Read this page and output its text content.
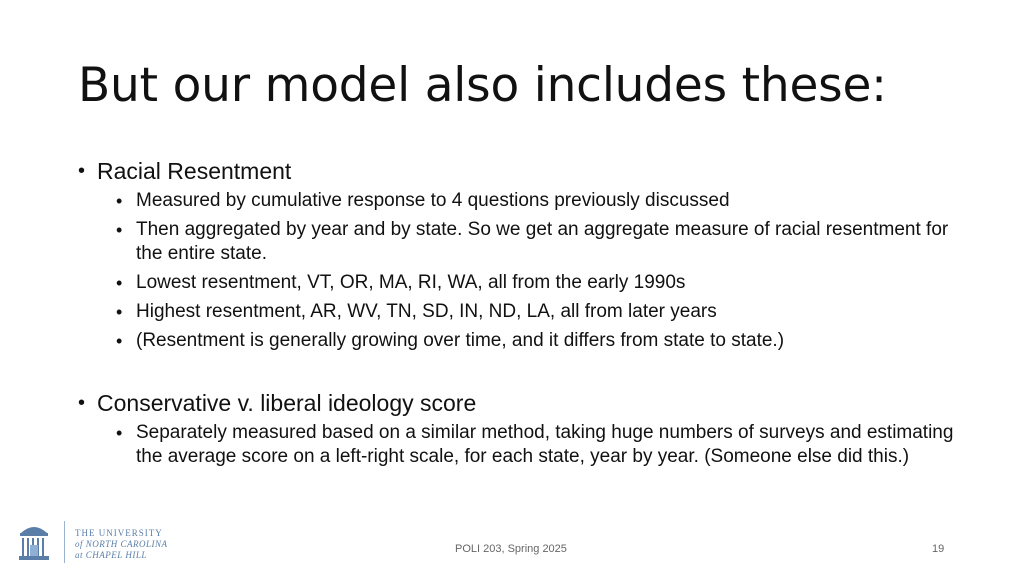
But our model also includes these:

• Racial Resentment

• Measured by cumulative response to 4 questions previously discussed
• Then aggregated by year and by state. So we get an aggregate measure of racial resentment for the entire state.
• Lowest resentment, VT, OR, MA, RI, WA, all from the early 1990s
• Highest resentment, AR, WV, TN, SD, IN, ND, LA, all from later years
• (Resentment is generally growing over time, and it differs from state to state.)

• Conservative v. liberal ideology score

• Separately measured based on a similar method, taking huge numbers of surveys and estimating the average score on a left-right scale, for each state, year by year. (Someone else did this.)
THE UNIVERSITY
of NORTH CAROLINA
at CHAPEL HILL	POLI 203, Spring 2025	19
